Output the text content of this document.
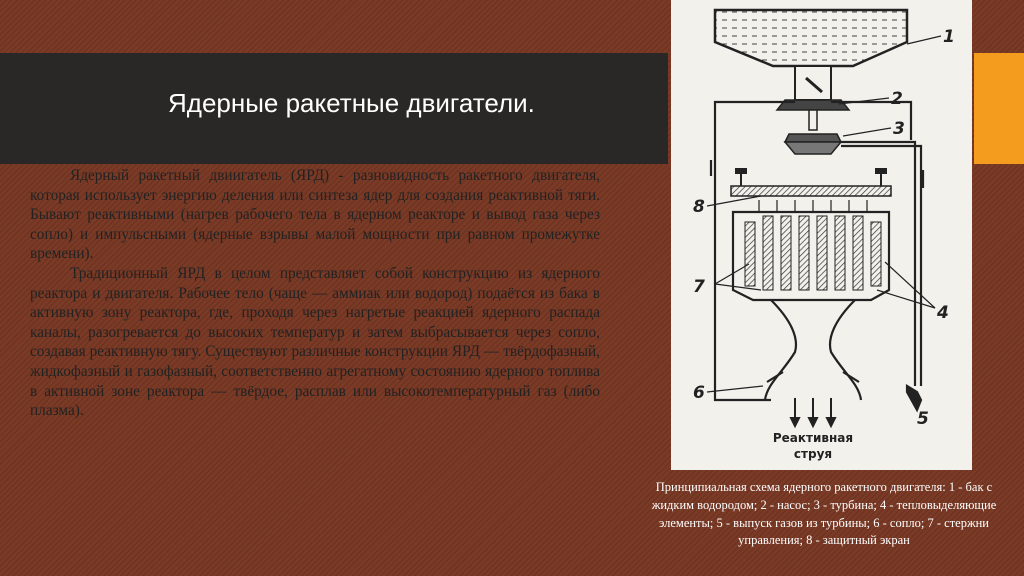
Ядерные ракетные двигатели.

Ядерный ракетный двиигатель (ЯРД) - разновидность ракетного двигателя, которая использует энергию деления или синтеза ядер для создания реактивной тяги. Бывают реактивными (нагрев рабочего тела в ядерном реакторе и вывод газа через сопло) и импульсными (ядерные взрывы малой мощности при равном промежутке времени).

Традиционный ЯРД в целом представляет собой конструкцию из ядерного реактора и двигателя. Рабочее тело (чаще — аммиак или водород) подаётся из бака в активную зону реактора, где, проходя через нагретые реакцией ядерного распада каналы, разогревается до высоких температур и затем выбрасывается через сопло, создавая реактивную тягу. Существуют различные конструкции ЯРД — твёрдофазный, жидкофазный и газофазный, соответственно агрегатному состоянию ядерного топлива в активной зоне реактора — твёрдое, расплав или высокотемпературный газ (либо плазма).

1
2
3
4
5
6
7
8
Реактивная
струя
Принципиальная схема ядерного ракетного двигателя: 1 - бак с жидким водородом; 2 - насос; 3 - турбина; 4 - тепловыделяющие элементы; 5 - выпуск газов из турбины; 6 - сопло; 7 - стержни управления; 8 - защитный экран
